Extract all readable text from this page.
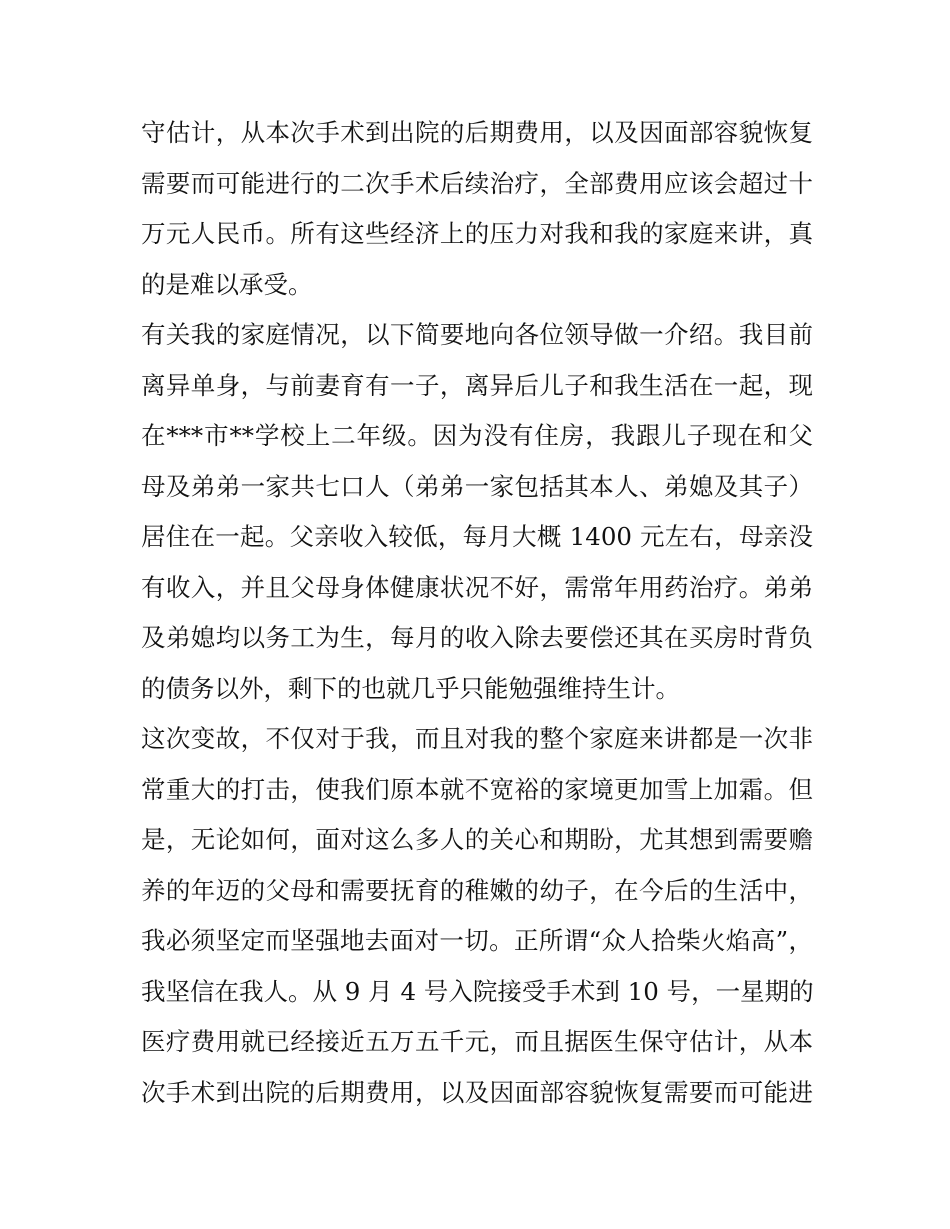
守估计，从本次手术到出院的后期费用，以及因面部容貌恢复
需要而可能进行的二次手术后续治疗，全部费用应该会超过十
万元人民币。所有这些经济上的压力对我和我的家庭来讲，真
的是难以承受。
有关我的家庭情况，以下简要地向各位领导做一介绍。我目前
离异单身，与前妻育有一子，离异后儿子和我生活在一起，现
在***市**学校上二年级。因为没有住房，我跟儿子现在和父
母及弟弟一家共七口人（弟弟一家包括其本人、弟媳及其子）
居住在一起。父亲收入较低，每月大概 1400 元左右，母亲没
有收入，并且父母身体健康状况不好，需常年用药治疗。弟弟
及弟媳均以务工为生，每月的收入除去要偿还其在买房时背负
的债务以外，剩下的也就几乎只能勉强维持生计。
这次变故，不仅对于我，而且对我的整个家庭来讲都是一次非
常重大的打击，使我们原本就不宽裕的家境更加雪上加霜。但
是，无论如何，面对这么多人的关心和期盼，尤其想到需要赡
养的年迈的父母和需要抚育的稚嫩的幼子，在今后的生活中，
我必须坚定而坚强地去面对一切。正所谓“众人拾柴火焰高”，
我坚信在我人。从 9 月 4 号入院接受手术到 10 号，一星期的
医疗费用就已经接近五万五千元，而且据医生保守估计，从本
次手术到出院的后期费用，以及因面部容貌恢复需要而可能进
